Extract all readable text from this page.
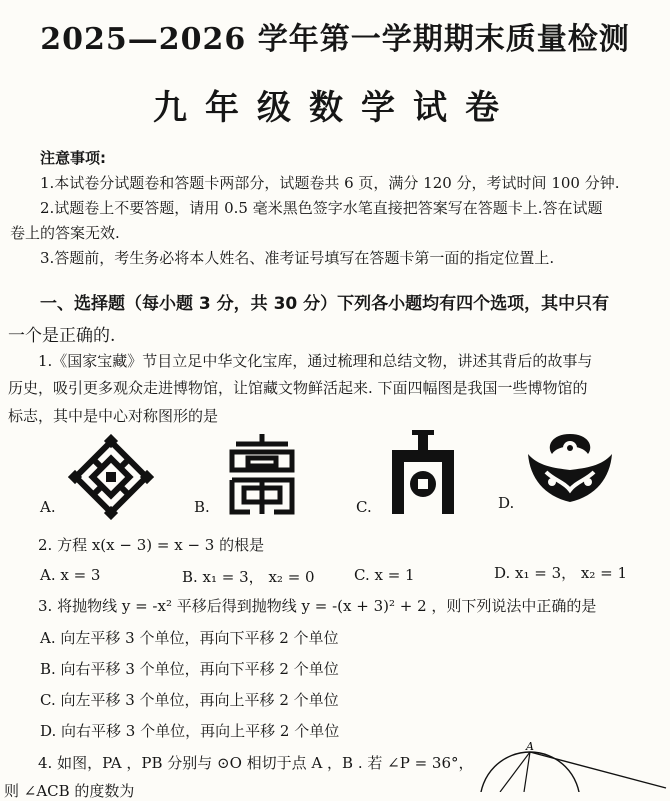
2025—2026 学年第一学期期末质量检测
九年级数学试卷
注意事项:
1.本试卷分试题卷和答题卡两部分，试题卷共 6 页，满分 120 分，考试时间 100 分钟.
2.试题卷上不要答题，请用 0.5 毫米黑色签字水笔直接把答案写在答题卡上.答在试题
卷上的答案无效.
3.答题前，考生务必将本人姓名、准考证号填写在答题卡第一面的指定位置上.
一、选择题（每小题 3 分，共 30 分）下列各小题均有四个选项，其中只有
一个是正确的.
1.《国家宝藏》节目立足中华文化宝库，通过梳理和总结文物，讲述其背后的故事与
历史，吸引更多观众走进博物馆，让馆藏文物鲜活起来. 下面四幅图是我国一些博物馆的
标志，其中是中心对称图形的是
A.	B.	C.	D.
2. 方程 x(x − 3) = x − 3 的根是
A. x = 3	B. x₁ = 3， x₂ = 0	C. x = 1	D. x₁ = 3， x₂ = 1
3. 将抛物线 y = -x² 平移后得到抛物线 y = -(x + 3)² + 2 ，则下列说法中正确的是
A. 向左平移 3 个单位，再向下平移 2 个单位
B. 向右平移 3 个单位，再向下平移 2 个单位
C. 向左平移 3 个单位，再向上平移 2 个单位
D. 向右平移 3 个单位，再向上平移 2 个单位
4. 如图，PA ，PB 分别与 ⊙O 相切于点 A ，B . 若 ∠P = 36°，
则 ∠ACB 的度数为
A
